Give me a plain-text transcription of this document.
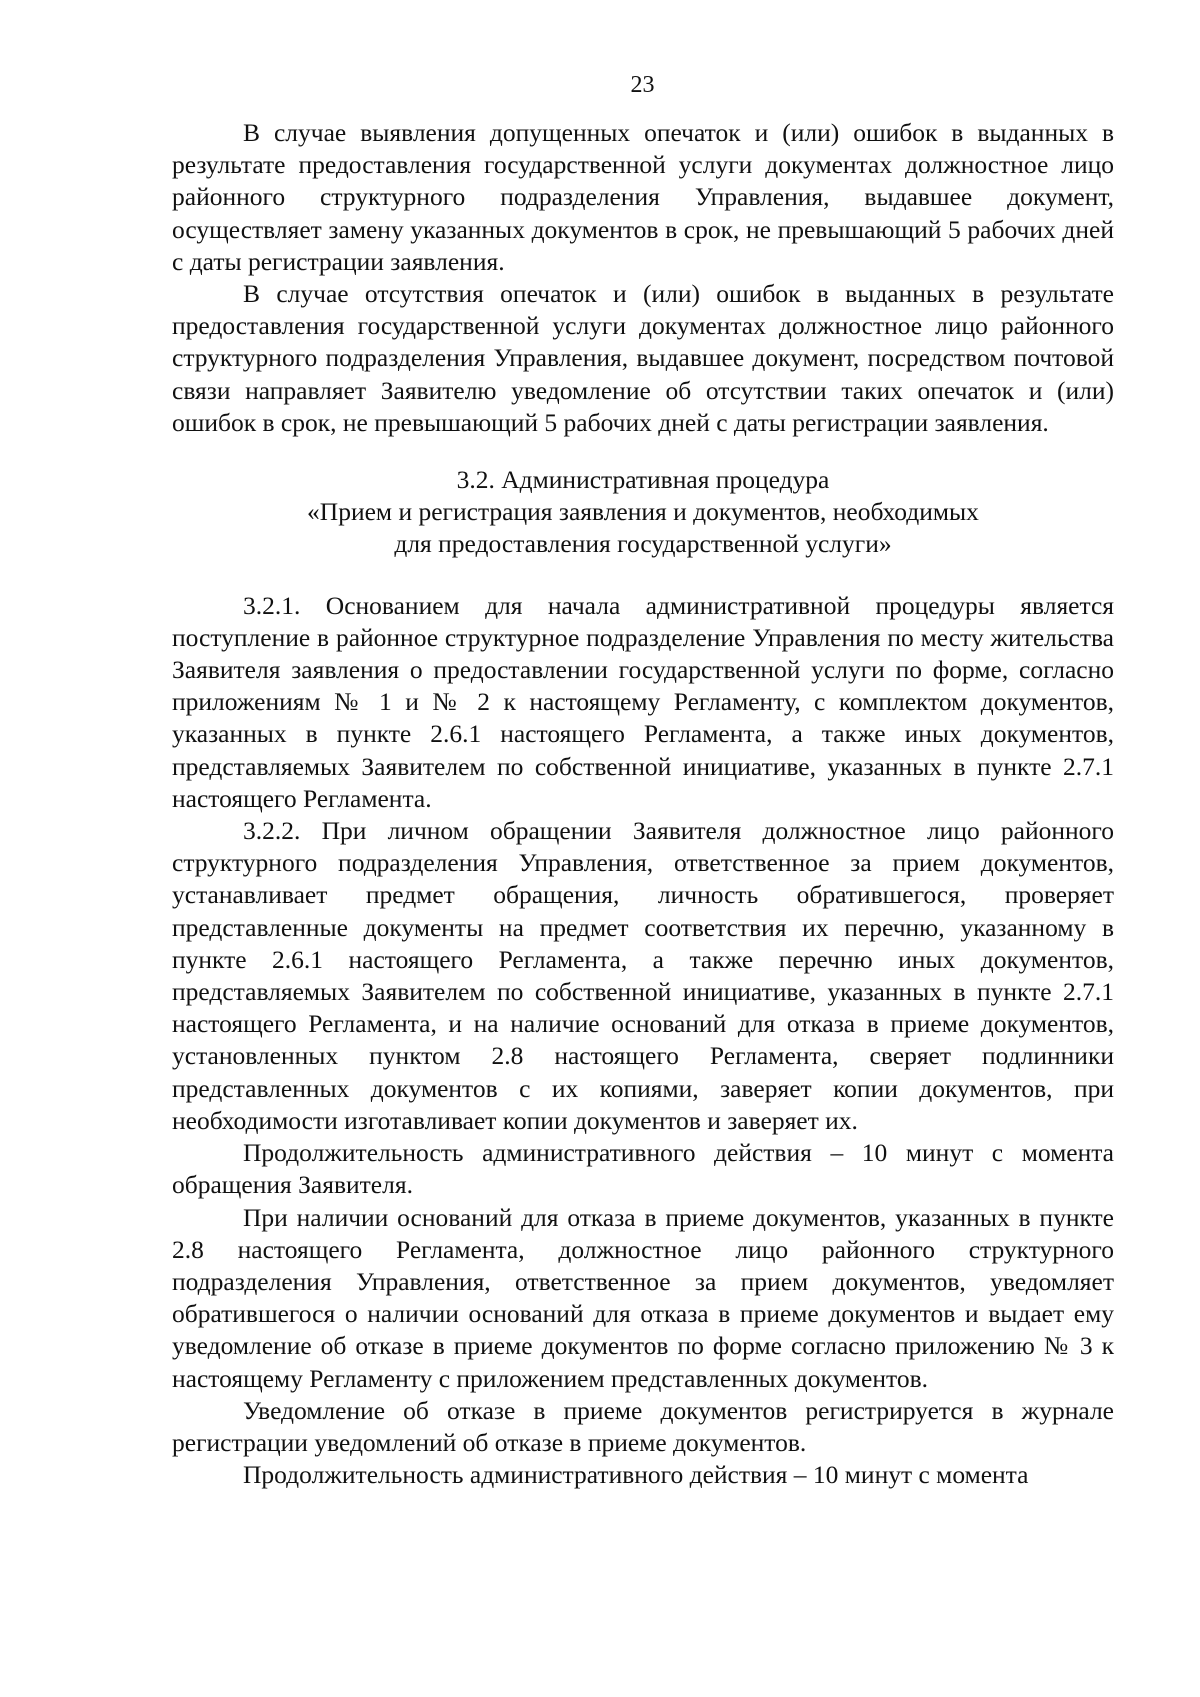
23

В случае выявления допущенных опечаток и (или) ошибок в выданных в результате предоставления государственной услуги документах должностное лицо районного структурного подразделения Управления, выдавшее документ, осуществляет замену указанных документов в срок, не превышающий 5 рабочих дней с даты регистрации заявления.

В случае отсутствия опечаток и (или) ошибок в выданных в результате предоставления государственной услуги документах должностное лицо районного структурного подразделения Управления, выдавшее документ, посредством почтовой связи направляет Заявителю уведомление об отсутствии таких опечаток и (или) ошибок в срок, не превышающий 5 рабочих дней с даты регистрации заявления.

3.2. Административная процедура
«Прием и регистрация заявления и документов, необходимых
для предоставления государственной услуги»

3.2.1. Основанием для начала административной процедуры является поступление в районное структурное подразделение Управления по месту жительства Заявителя заявления о предоставлении государственной услуги по форме, согласно приложениям № 1 и № 2 к настоящему Регламенту, с комплектом документов, указанных в пункте 2.6.1 настоящего Регламента, а также иных документов, представляемых Заявителем по собственной инициативе, указанных в пункте 2.7.1 настоящего Регламента.

3.2.2. При личном обращении Заявителя должностное лицо районного структурного подразделения Управления, ответственное за прием документов, устанавливает предмет обращения, личность обратившегося, проверяет представленные документы на предмет соответствия их перечню, указанному в пункте 2.6.1 настоящего Регламента, а также перечню иных документов, представляемых Заявителем по собственной инициативе, указанных в пункте 2.7.1 настоящего Регламента, и на наличие оснований для отказа в приеме документов, установленных пунктом 2.8 настоящего Регламента, сверяет подлинники представленных документов с их копиями, заверяет копии документов, при необходимости изготавливает копии документов и заверяет их.

Продолжительность административного действия – 10 минут с момента обращения Заявителя.

При наличии оснований для отказа в приеме документов, указанных в пункте 2.8 настоящего Регламента, должностное лицо районного структурного подразделения Управления, ответственное за прием документов, уведомляет обратившегося о наличии оснований для отказа в приеме документов и выдает ему уведомление об отказе в приеме документов по форме согласно приложению № 3 к настоящему Регламенту с приложением представленных документов.

Уведомление об отказе в приеме документов регистрируется в журнале регистрации уведомлений об отказе в приеме документов.

Продолжительность административного действия – 10 минут с момента
